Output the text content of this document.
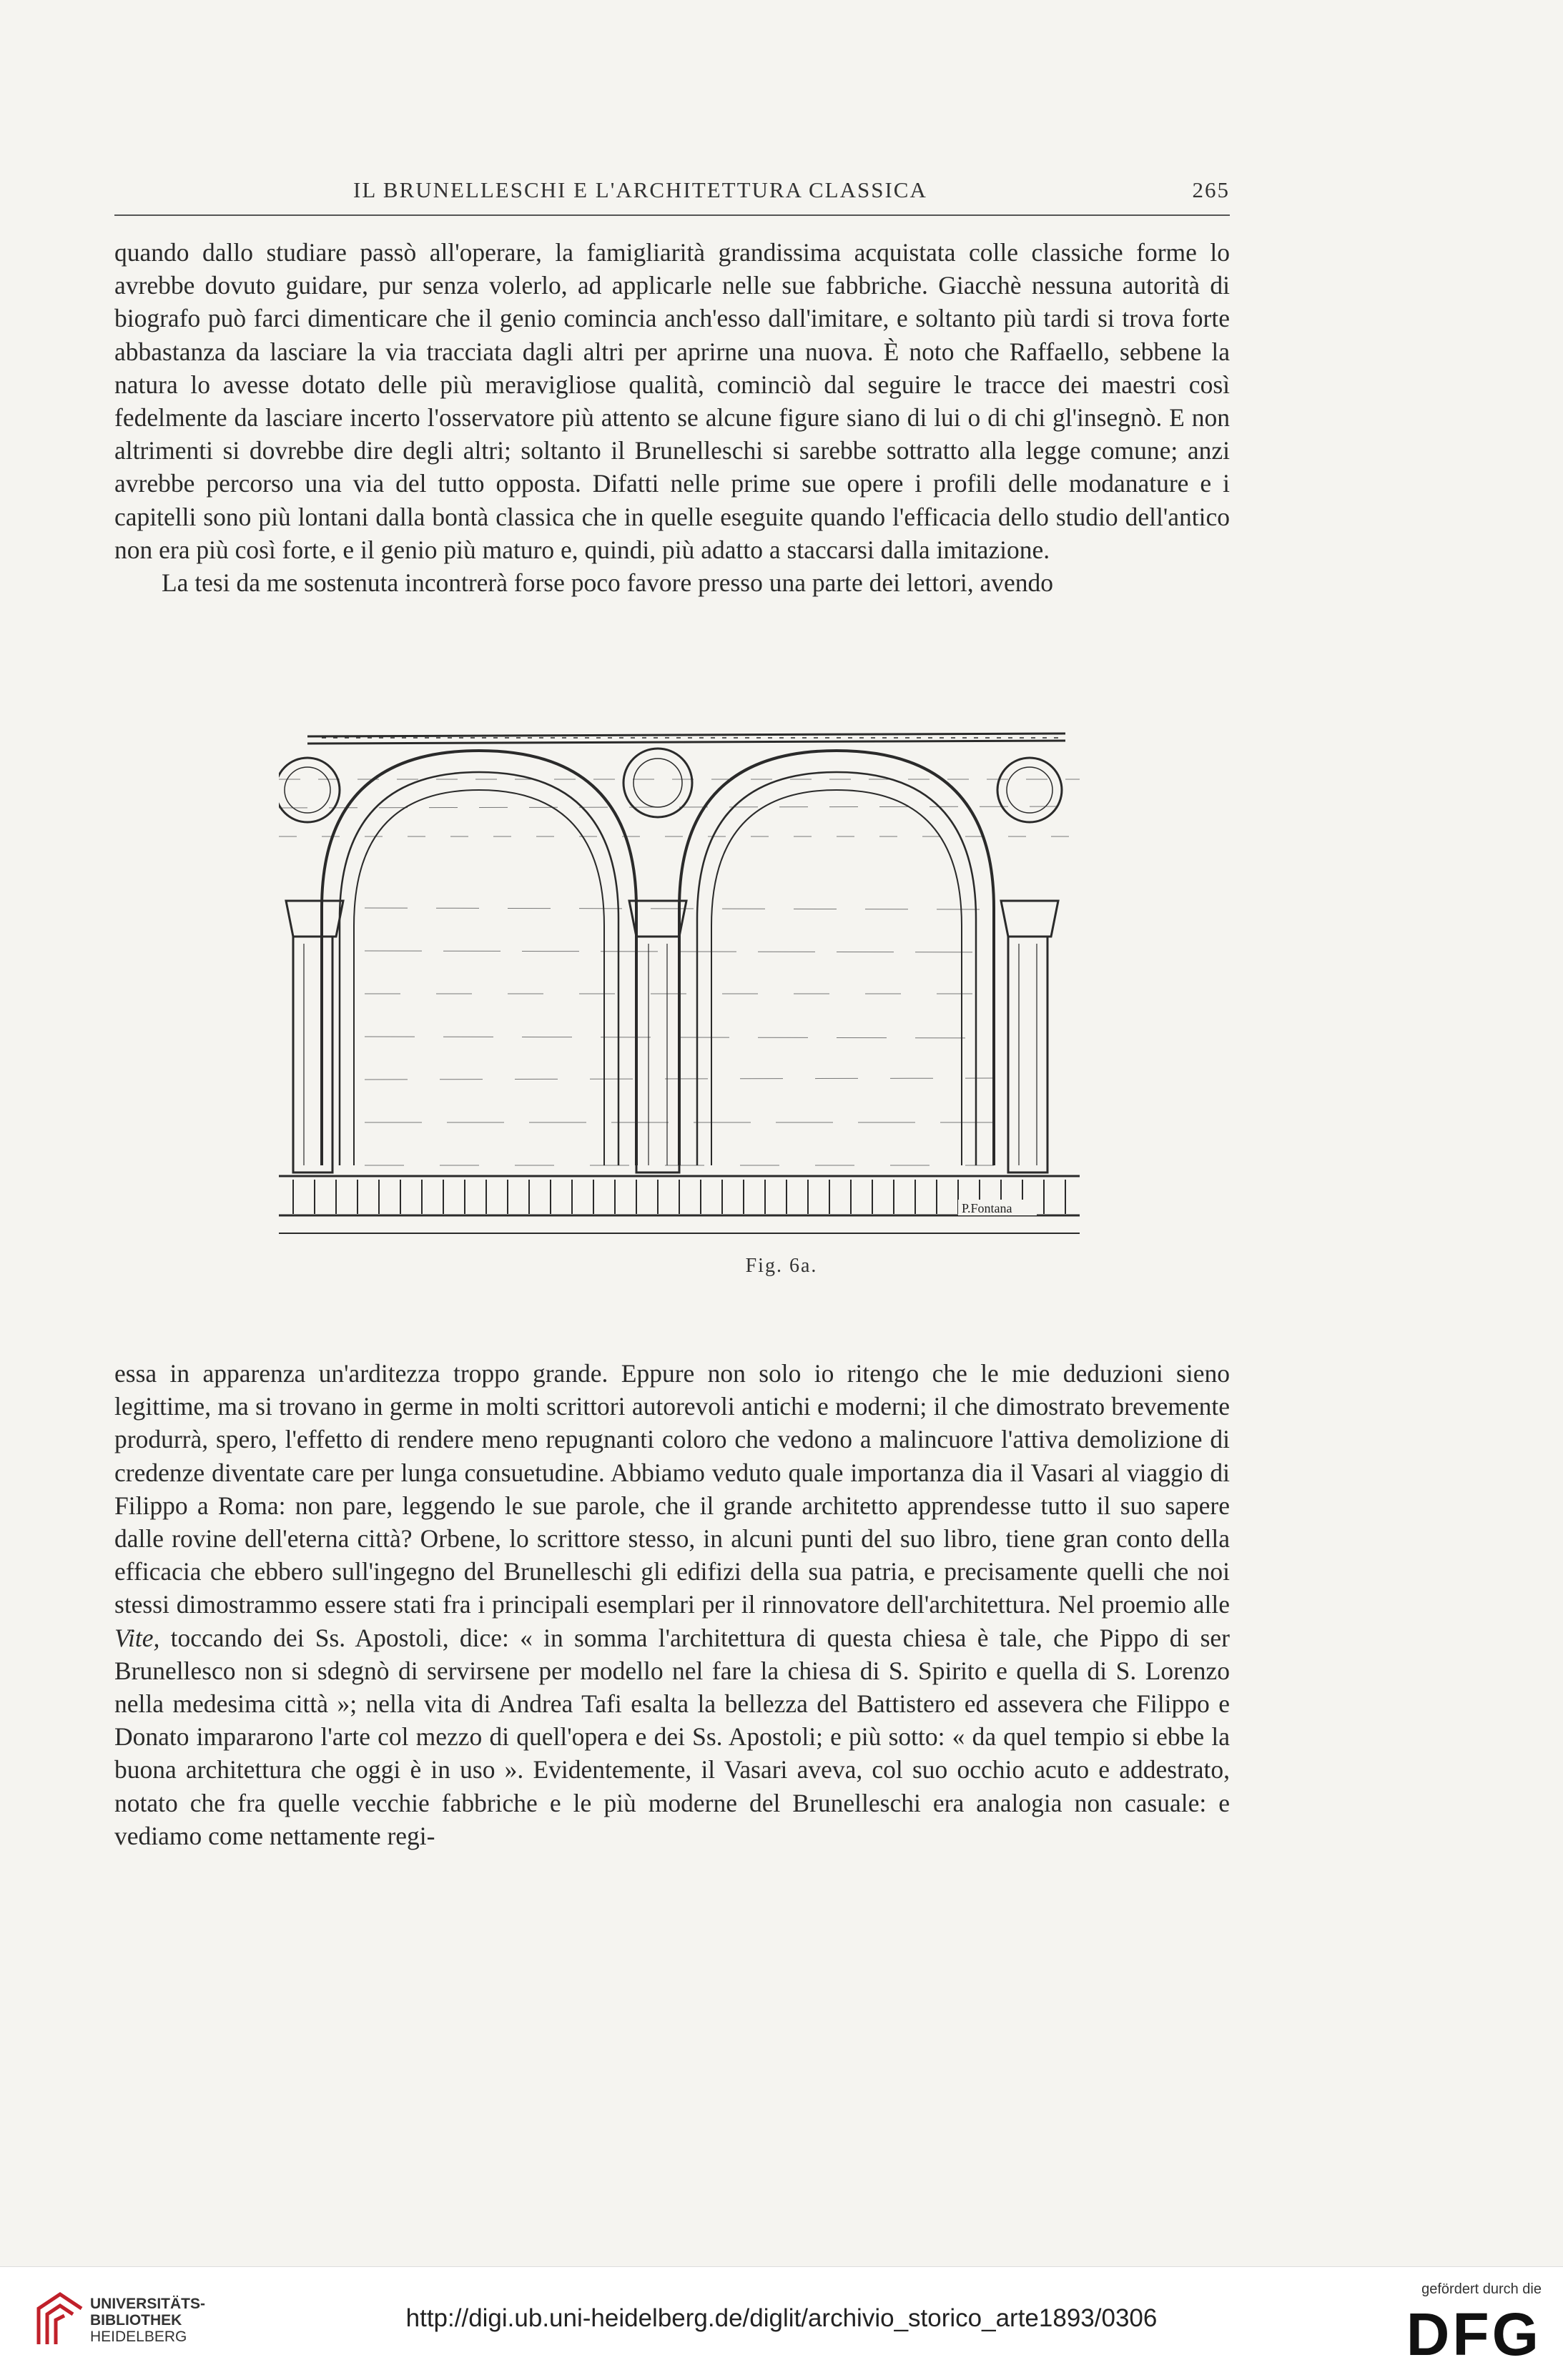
IL BRUNELLESCHI E L'ARCHITETTURA CLASSICA	265

quando dallo studiare passò all'operare, la famigliarità grandissima acquistata colle classiche forme lo avrebbe dovuto guidare, pur senza volerlo, ad applicarle nelle sue fabbriche. Giacchè nessuna autorità di biografo può farci dimenticare che il genio comincia anch'esso dall'imitare, e soltanto più tardi si trova forte abbastanza da lasciare la via tracciata dagli altri per aprirne una nuova. È noto che Raffaello, sebbene la natura lo avesse dotato delle più meravigliose qualità, cominciò dal seguire le tracce dei maestri così fedelmente da lasciare incerto l'osservatore più attento se alcune figure siano di lui o di chi gl'insegnò. E non altrimenti si dovrebbe dire degli altri; soltanto il Brunelleschi si sarebbe sottratto alla legge comune; anzi avrebbe percorso una via del tutto opposta. Difatti nelle prime sue opere i profili delle modanature e i capitelli sono più lontani dalla bontà classica che in quelle eseguite quando l'efficacia dello studio dell'antico non era più così forte, e il genio più maturo e, quindi, più adatto a staccarsi dalla imitazione.

La tesi da me sostenuta incontrerà forse poco favore presso una parte dei lettori, avendo

P.Fontana
Fig. 6a.

essa in apparenza un'arditezza troppo grande. Eppure non solo io ritengo che le mie deduzioni sieno legittime, ma si trovano in germe in molti scrittori autorevoli antichi e moderni; il che dimostrato brevemente produrrà, spero, l'effetto di rendere meno repugnanti coloro che vedono a malincuore l'attiva demolizione di credenze diventate care per lunga consuetudine. Abbiamo veduto quale importanza dia il Vasari al viaggio di Filippo a Roma: non pare, leggendo le sue parole, che il grande architetto apprendesse tutto il suo sapere dalle rovine dell'eterna città? Orbene, lo scrittore stesso, in alcuni punti del suo libro, tiene gran conto della efficacia che ebbero sull'ingegno del Brunelleschi gli edifizi della sua patria, e precisamente quelli che noi stessi dimostrammo essere stati fra i principali esemplari per il rinnovatore dell'architettura. Nel proemio alle Vite, toccando dei Ss. Apostoli, dice: « in somma l'architettura di questa chiesa è tale, che Pippo di ser Brunellesco non si sdegnò di servirsene per modello nel fare la chiesa di S. Spirito e quella di S. Lorenzo nella medesima città »; nella vita di Andrea Tafi esalta la bellezza del Battistero ed assevera che Filippo e Donato impararono l'arte col mezzo di quell'opera e dei Ss. Apostoli; e più sotto: « da quel tempio si ebbe la buona architettura che oggi è in uso ». Evidentemente, il Vasari aveva, col suo occhio acuto e addestrato, notato che fra quelle vecchie fabbriche e le più moderne del Brunelleschi era analogia non casuale: e vediamo come nettamente regi-

UNIVERSITÄTS-
BIBLIOTHEK
HEIDELBERG
http://digi.ub.uni-heidelberg.de/diglit/archivio_storico_arte1893/0306
gefördert durch die
DFG
